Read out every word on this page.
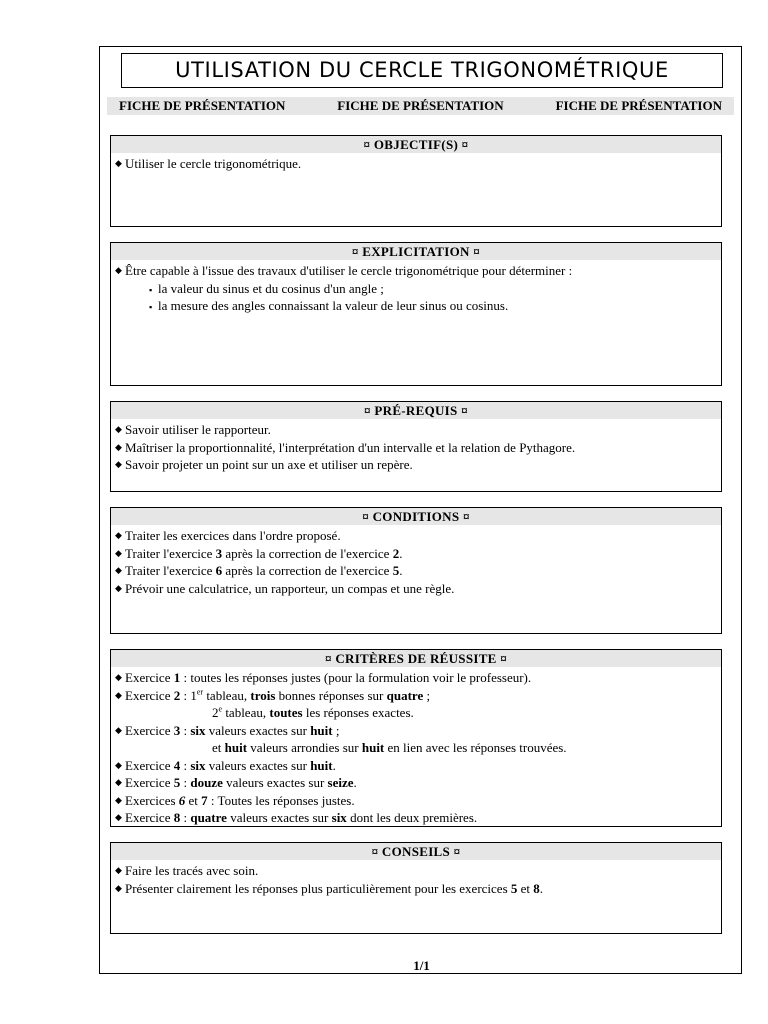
UTILISATION DU CERCLE TRIGONOMÉTRIQUE
FICHE DE PRÉSENTATION	FICHE DE PRÉSENTATION	FICHE DE PRÉSENTATION
¤ OBJECTIF(S) ¤
◆ Utiliser le cercle trigonométrique.
¤ EXPLICITATION ¤
◆ Être capable à l'issue des travaux d'utiliser le cercle trigonométrique pour déterminer :
▪ la valeur du sinus et du cosinus d'un angle ;
▪ la mesure des angles connaissant la valeur de leur sinus ou cosinus.
¤ PRÉ-REQUIS ¤
◆ Savoir utiliser le rapporteur.
◆ Maîtriser la proportionnalité, l'interprétation d'un intervalle et la relation de Pythagore.
◆ Savoir projeter un point sur un axe et utiliser un repère.
¤ CONDITIONS ¤
◆ Traiter les exercices dans l'ordre proposé.
◆ Traiter l'exercice 3 après la correction de l'exercice 2.
◆ Traiter l'exercice 6 après la correction de l'exercice 5.
◆ Prévoir une calculatrice, un rapporteur, un compas et une règle.
¤ CRITÈRES DE RÉUSSITE ¤
◆ Exercice 1 : toutes les réponses justes (pour la formulation voir le professeur).
◆ Exercice 2 : 1er tableau, trois bonnes réponses sur quatre ;
2e tableau, toutes les réponses exactes.
◆ Exercice 3 : six valeurs exactes sur huit ;
et huit valeurs arrondies sur huit en lien avec les réponses trouvées.
◆ Exercice 4 : six valeurs exactes sur huit.
◆ Exercice 5 : douze valeurs exactes sur seize.
◆ Exercices 6 et 7 : Toutes les réponses justes.
◆ Exercice 8 : quatre valeurs exactes sur six dont les deux premières.
¤ CONSEILS ¤
◆ Faire les tracés avec soin.
◆ Présenter clairement les réponses plus particulièrement pour les exercices 5 et 8.
1/1
